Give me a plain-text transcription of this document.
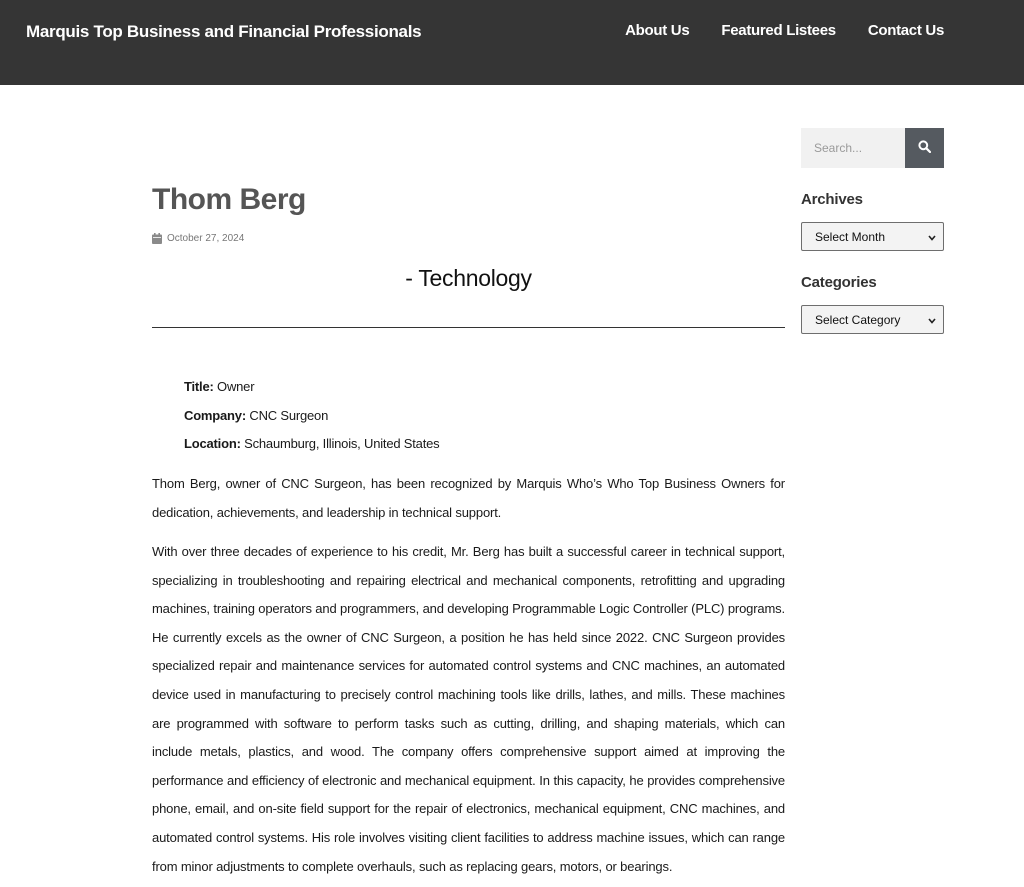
Marquis Top Business and Financial Professionals	About Us Featured Listees Contact Us
Thom Berg
October 27, 2024
- Technology
Title: Owner
Company: CNC Surgeon
Location: Schaumburg, Illinois, United States

Thom Berg, owner of CNC Surgeon, has been recognized by Marquis Who’s Who Top Business Owners for dedication, achievements, and leadership in technical support.

With over three decades of experience to his credit, Mr. Berg has built a successful career in technical support, specializing in troubleshooting and repairing electrical and mechanical components, retrofitting and upgrading machines, training operators and programmers, and developing Programmable Logic Controller (PLC) programs. He currently excels as the owner of CNC Surgeon, a position he has held since 2022. CNC Surgeon provides specialized repair and maintenance services for automated control systems and CNC machines, an automated device used in manufacturing to precisely control machining tools like drills, lathes, and mills. These machines are programmed with software to perform tasks such as cutting, drilling, and shaping materials, which can include metals, plastics, and wood. The company offers comprehensive support aimed at improving the performance and efficiency of electronic and mechanical equipment. In this capacity, he provides comprehensive phone, email, and on-site field support for the repair of electronics, mechanical equipment, CNC machines, and automated control systems. His role involves visiting client facilities to address machine issues, which can range from minor adjustments to complete overhauls, such as replacing gears, motors, or bearings.

Search...
Archives
Select Month
Categories
Select Category
